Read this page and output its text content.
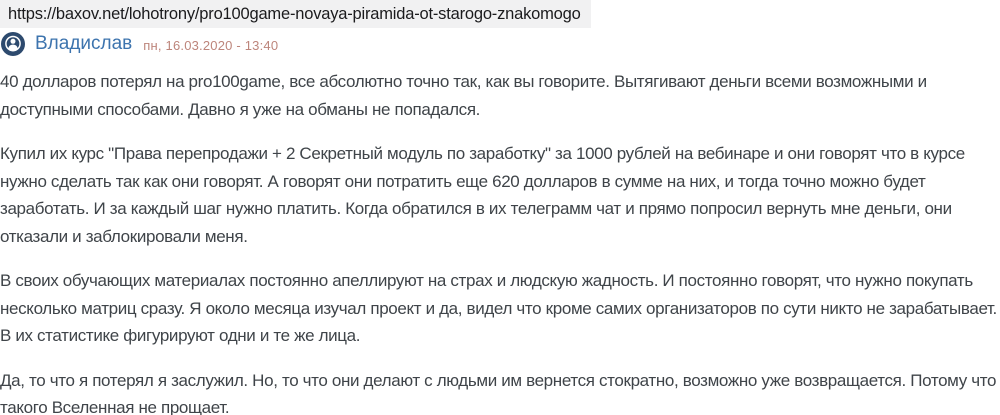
https://baxov.net/lohotrony/pro100game-novaya-piramida-ot-starogo-znakomogo
Владислав пн, 16.03.2020 - 13:40

40 долларов потерял на pro100game, все абсолютно точно так, как вы говорите. Вытягивают деньги всеми возможными и доступными способами. Давно я уже на обманы не попадался.

Купил их курс "Права перепродажи + 2 Секретный модуль по заработку" за 1000 рублей на вебинаре и они говорят что в курсе нужно сделать так как они говорят. А говорят они потратить еще 620 долларов в сумме на них, и тогда точно можно будет заработать. И за каждый шаг нужно платить. Когда обратился в их телеграмм чат и прямо попросил вернуть мне деньги, они отказали и заблокировали меня.

В своих обучающих материалах постоянно апеллируют на страх и людскую жадность. И постоянно говорят, что нужно покупать несколько матриц сразу. Я около месяца изучал проект и да, видел что кроме самих организаторов по сути никто не зарабатывает. В их статистике фигурируют одни и те же лица.

Да, то что я потерял я заслужил. Но, то что они делают с людьми им вернется стократно, возможно уже возвращается. Потому что такого Вселенная не прощает.
